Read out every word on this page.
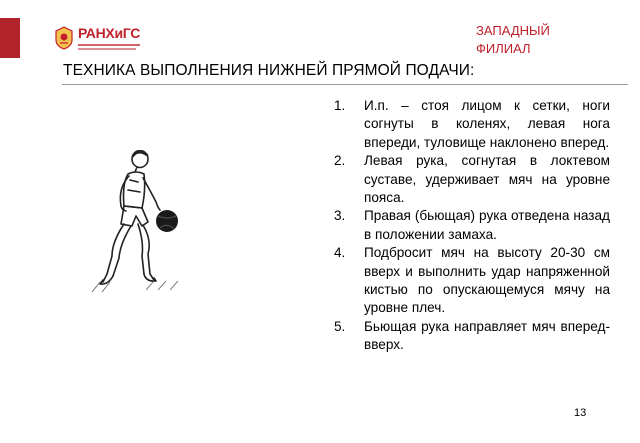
РАНХиГС	ЗАПАДНЫЙ
ФИЛИАЛ
ТЕХНИКА ВЫПОЛНЕНИЯ НИЖНЕЙ ПРЯМОЙ ПОДАЧИ:
1. И.п. – стоя лицом к сетки, ноги согнуты в коленях, левая нога впереди, туловище наклонено вперед.
2. Левая рука, согнутая в локтевом суставе, удерживает мяч на уровне пояса.
3. Правая (бьющая) рука отведена назад в положении замаха.
4. Подбросит мяч на высоту 20-30 см вверх и выполнить удар напряженной кистью по опускающемуся мячу на уровне плеч.
5. Бьющая рука направляет мяч вперед-вверх.
13
